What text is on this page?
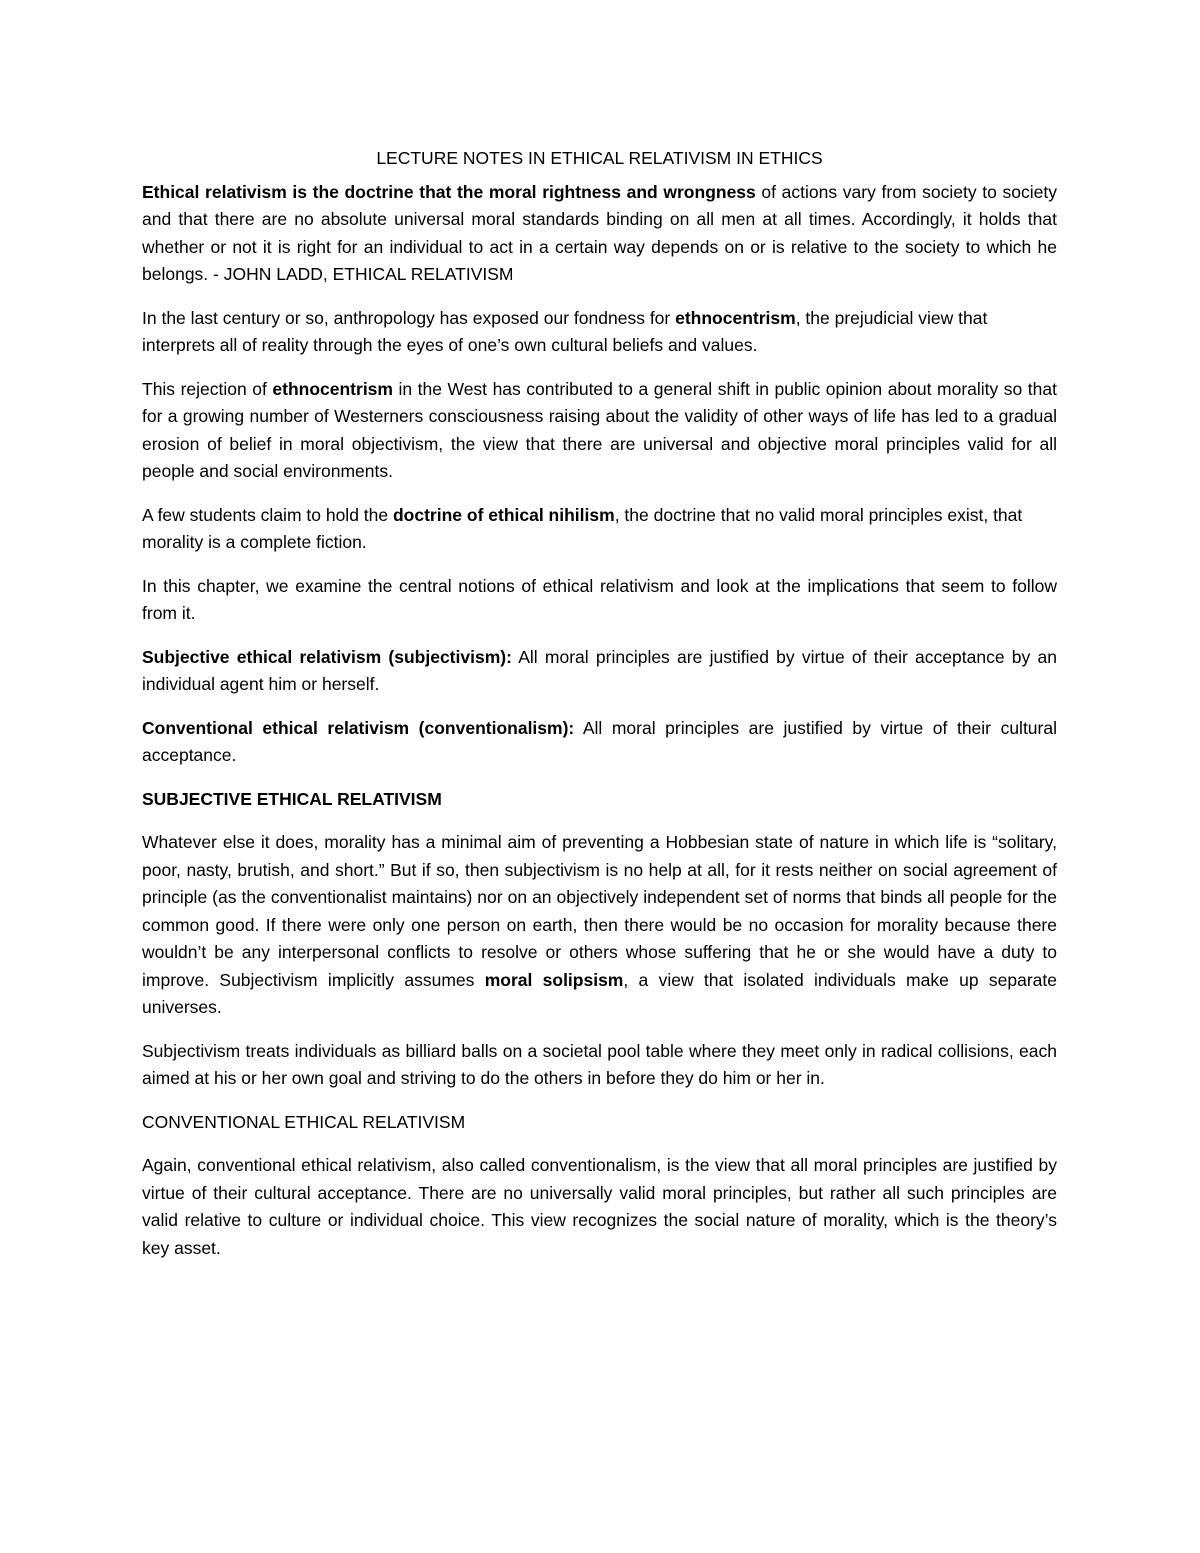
LECTURE NOTES IN ETHICAL RELATIVISM IN ETHICS

Ethical relativism is the doctrine that the moral rightness and wrongness of actions vary from society to society and that there are no absolute universal moral standards binding on all men at all times. Accordingly, it holds that whether or not it is right for an individual to act in a certain way depends on or is relative to the society to which he belongs. - JOHN LADD, ETHICAL RELATIVISM

In the last century or so, anthropology has exposed our fondness for ethnocentrism, the prejudicial view that interprets all of reality through the eyes of one’s own cultural beliefs and values.

This rejection of ethnocentrism in the West has contributed to a general shift in public opinion about morality so that for a growing number of Westerners consciousness raising about the validity of other ways of life has led to a gradual erosion of belief in moral objectivism, the view that there are universal and objective moral principles valid for all people and social environments.

A few students claim to hold the doctrine of ethical nihilism, the doctrine that no valid moral principles exist, that morality is a complete fiction.

In this chapter, we examine the central notions of ethical relativism and look at the implications that seem to follow from it.

Subjective ethical relativism (subjectivism): All moral principles are justified by virtue of their acceptance by an individual agent him or herself.

Conventional ethical relativism (conventionalism): All moral principles are justified by virtue of their cultural acceptance.

SUBJECTIVE ETHICAL RELATIVISM

Whatever else it does, morality has a minimal aim of preventing a Hobbesian state of nature in which life is “solitary, poor, nasty, brutish, and short.” But if so, then subjectivism is no help at all, for it rests neither on social agreement of principle (as the conventionalist maintains) nor on an objectively independent set of norms that binds all people for the common good. If there were only one person on earth, then there would be no occasion for morality because there wouldn’t be any interpersonal conflicts to resolve or others whose suffering that he or she would have a duty to improve. Subjectivism implicitly assumes moral solipsism, a view that isolated individuals make up separate universes.

Subjectivism treats individuals as billiard balls on a societal pool table where they meet only in radical collisions, each aimed at his or her own goal and striving to do the others in before they do him or her in.

CONVENTIONAL ETHICAL RELATIVISM

Again, conventional ethical relativism, also called conventionalism, is the view that all moral principles are justified by virtue of their cultural acceptance. There are no universally valid moral principles, but rather all such principles are valid relative to culture or individual choice. This view recognizes the social nature of morality, which is the theory’s key asset.
